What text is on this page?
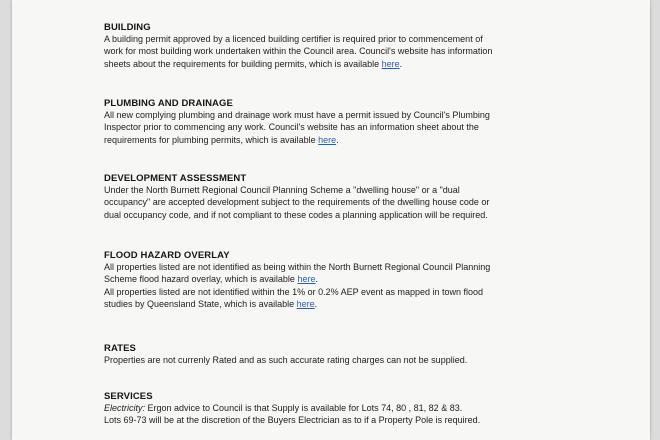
BUILDING
A building permit approved by a licenced building certifier is required prior to commencement of
work for most building work undertaken within the Council area. Council's website has information
sheets about the requirements for building permits, which is available here.
PLUMBING AND DRAINAGE
All new complying plumbing and drainage work must have a permit issued by Council's Plumbing
Inspector prior to commencing any work. Council's website has an information sheet about the
requirements for plumbing permits, which is available here.
DEVELOPMENT ASSESSMENT
Under the North Burnett Regional Council Planning Scheme a "dwelling house" or a "dual
occupancy" are accepted development subject to the requirements of the dwelling house code or
dual occupancy code, and if not compliant to these codes a planning application will be required.
FLOOD HAZARD OVERLAY
All properties listed are not identified as being within the North Burnett Regional Council Planning
Scheme flood hazard overlay, which is available here.
All properties listed are not identified within the 1% or 0.2% AEP event as mapped in town flood
studies by Queensland State, which is available here.
RATES
Properties are not currenly Rated and as such accurate rating charges can not be supplied.
SERVICES
Electricity: Ergon advice to Council is that Supply is available for Lots 74, 80 , 81, 82 & 83.
Lots 69-73 will be at the discretion of the Buyers Electrician as to if a Property Pole is required.
